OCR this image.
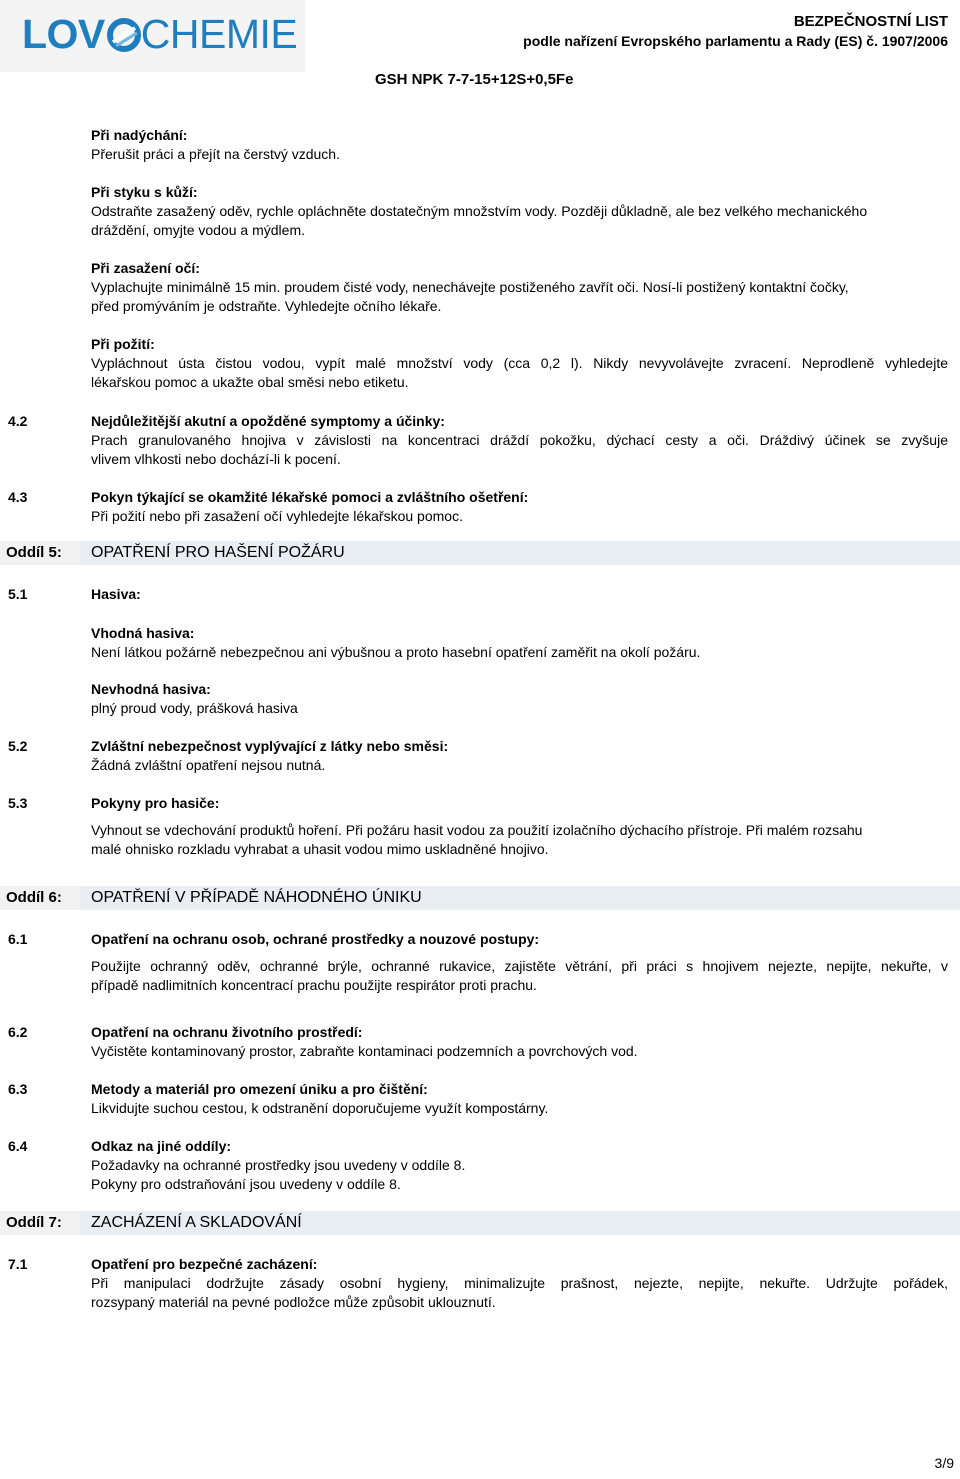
LOV CHEMIE	BEZPEČNOSTNÍ LIST
podle nařízení Evropského parlamentu a Rady (ES) č. 1907/2006
GSH NPK 7-7-15+12S+0,5Fe
Při nadýchání:
Přerušit práci a přejít na čerstvý vzduch.
Při styku s kůží:
Odstraňte zasažený oděv, rychle opláchněte dostatečným množstvím vody. Později důkladně, ale bez velkého mechanického
dráždění, omyjte vodou a mýdlem.
Při zasažení očí:
Vyplachujte minimálně 15 min. proudem čisté vody, nenechávejte postiženého zavřít oči. Nosí-li postižený kontaktní čočky,
před promýváním je odstraňte. Vyhledejte očního lékaře.
Při požití:
Vypláchnout ústa čistou vodou, vypít malé množství vody (cca 0,2 l). Nikdy nevyvolávejte zvracení. Neprodleně vyhledejte
lékařskou pomoc a ukažte obal směsi nebo etiketu.
4.2	Nejdůležitější akutní a opožděné symptomy a účinky:
Prach granulovaného hnojiva v závislosti na koncentraci dráždí pokožku, dýchací cesty a oči. Dráždivý účinek se zvyšuje
vlivem vlhkosti nebo dochází-li k pocení.
4.3	Pokyn týkající se okamžité lékařské pomoci a zvláštního ošetření:
Při požití nebo při zasažení očí vyhledejte lékařskou pomoc.
Oddíl 5: OPATŘENÍ PRO HAŠENÍ POŽÁRU
5.1	Hasiva:
Vhodná hasiva:
Není látkou požárně nebezpečnou ani výbušnou a proto hasební opatření zaměřit na okolí požáru.
Nevhodná hasiva:
plný proud vody, prášková hasiva
5.2	Zvláštní nebezpečnost vyplývající z látky nebo směsi:
Žádná zvláštní opatření nejsou nutná.
5.3	Pokyny pro hasiče:
Vyhnout se vdechování produktů hoření. Při požáru hasit vodou za použití izolačního dýchacího přístroje. Při malém rozsahu
malé ohnisko rozkladu vyhrabat a uhasit vodou mimo uskladněné hnojivo.
Oddíl 6: OPATŘENÍ V PŘÍPADĚ NÁHODNÉHO ÚNIKU
6.1	Opatření na ochranu osob, ochrané prostředky a nouzové postupy:
Použijte ochranný oděv, ochranné brýle, ochranné rukavice, zajistěte větrání, při práci s hnojivem nejezte, nepijte, nekuřte, v
případě nadlimitních koncentrací prachu použijte respirátor proti prachu.
6.2	Opatření na ochranu životního prostředí:
Vyčistěte kontaminovaný prostor, zabraňte kontaminaci podzemních a povrchových vod.
6.3	Metody a materiál pro omezení úniku a pro čištění:
Likvidujte suchou cestou, k odstranění doporučujeme využít kompostárny.
6.4	Odkaz na jiné oddíly:
Požadavky na ochranné prostředky jsou uvedeny v oddíle 8.
Pokyny pro odstraňování jsou uvedeny v oddíle 8.
Oddíl 7: ZACHÁZENÍ A SKLADOVÁNÍ
7.1	Opatření pro bezpečné zacházení:
Při manipulaci dodržujte zásady osobní hygieny, minimalizujte prašnost, nejezte, nepijte, nekuřte. Udržujte pořádek,
rozsypaný materiál na pevné podložce může způsobit uklouznutí.
3/9
